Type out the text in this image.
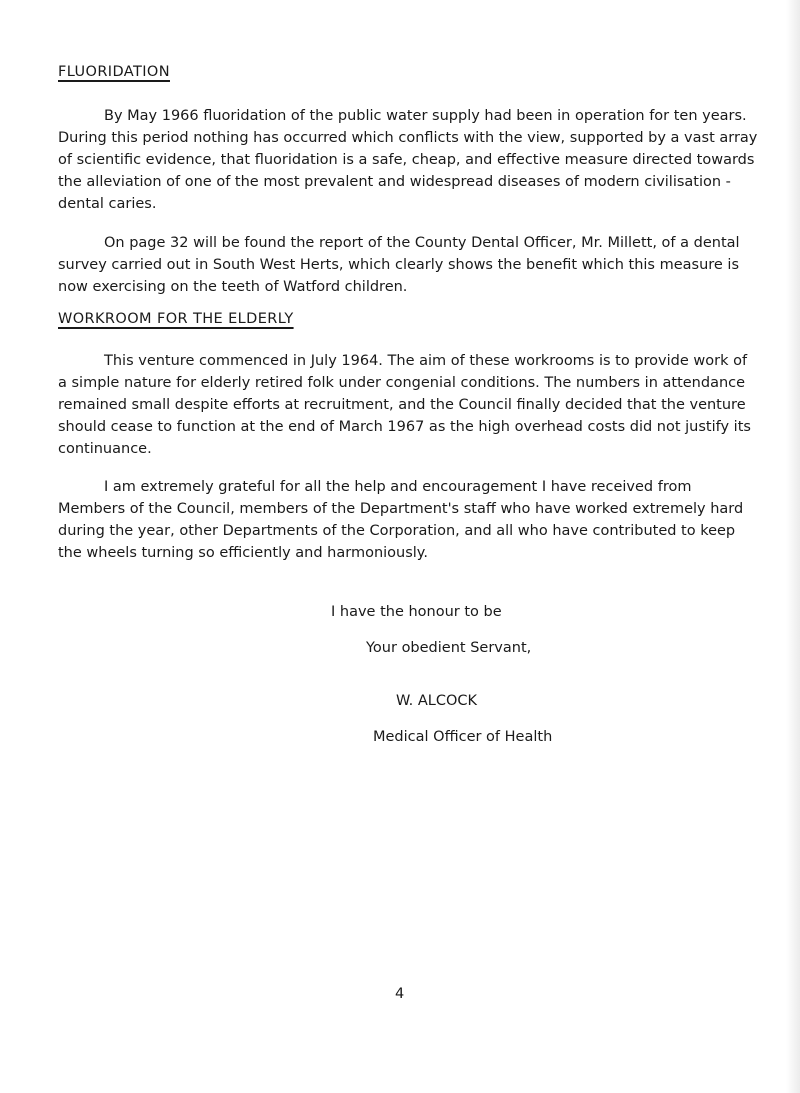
FLUORIDATION

By May 1966 fluoridation of the public water supply had been in operation for ten years. During this period nothing has occurred which conflicts with the view, supported by a vast array of scientific evidence, that fluoridation is a safe, cheap, and effective measure directed towards the alleviation of one of the most prevalent and widespread diseases of modern civilisation - dental caries.

On page 32 will be found the report of the County Dental Officer, Mr. Millett, of a dental survey carried out in South West Herts, which clearly shows the benefit which this measure is now exercising on the teeth of Watford children.

WORKROOM FOR THE ELDERLY

This venture commenced in July 1964. The aim of these workrooms is to provide work of a simple nature for elderly retired folk under congenial conditions. The numbers in attendance remained small despite efforts at recruitment, and the Council finally decided that the venture should cease to function at the end of March 1967 as the high overhead costs did not justify its continuance.

I am extremely grateful for all the help and encouragement I have received from Members of the Council, members of the Department's staff who have worked extremely hard during the year, other Departments of the Corporation, and all who have contributed to keep the wheels turning so efficiently and harmoniously.

I have the honour to be

Your obedient Servant,

W. ALCOCK

Medical Officer of Health

4
